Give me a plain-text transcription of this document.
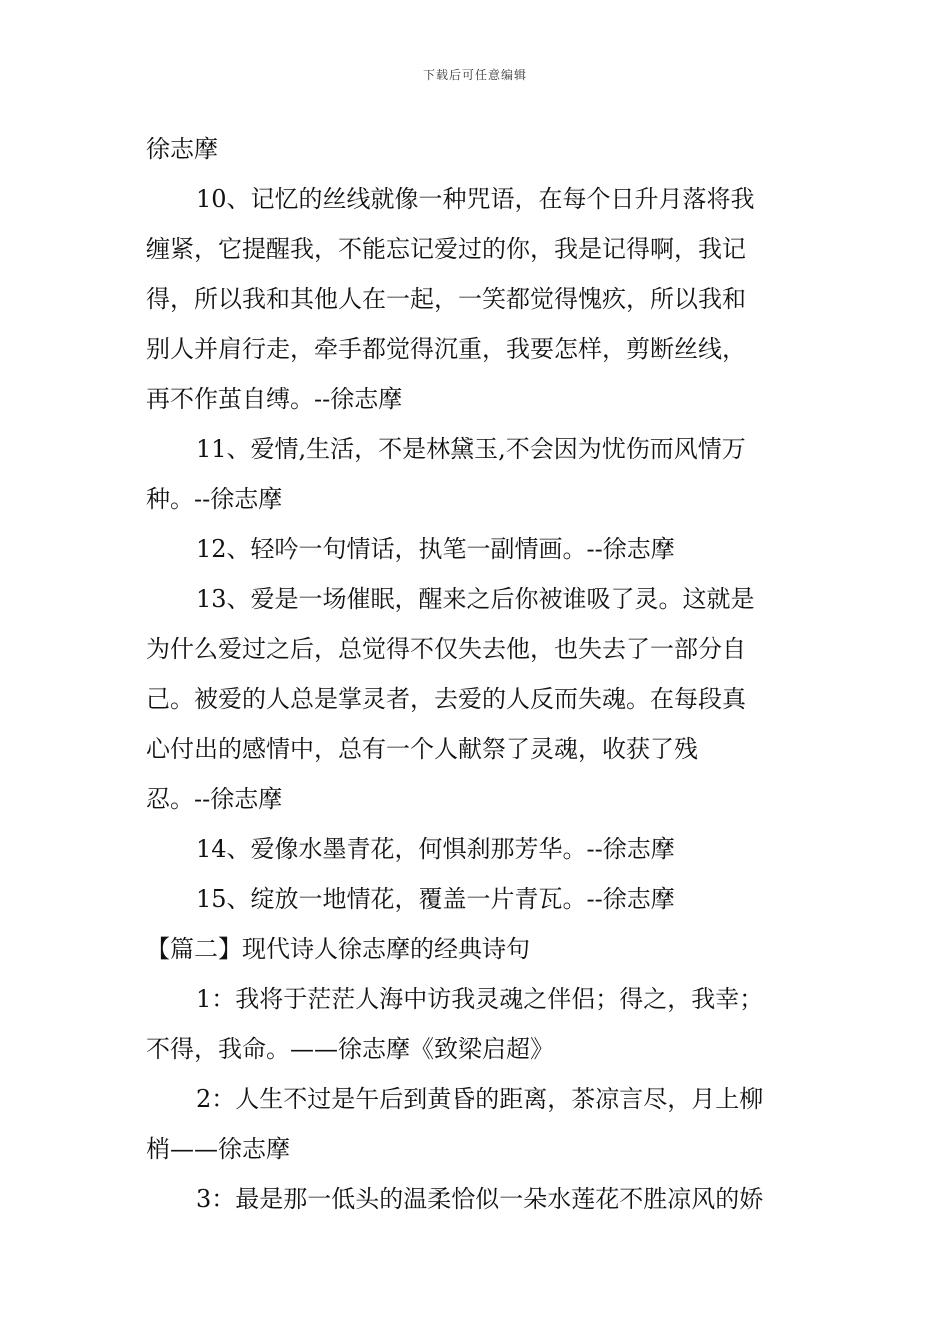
下载后可任意编辑
徐志摩
10、记忆的丝线就像一种咒语，在每个日升月落将我
缠紧，它提醒我，不能忘记爱过的你，我是记得啊，我记
得，所以我和其他人在一起，一笑都觉得愧疚，所以我和
别人并肩行走，牵手都觉得沉重，我要怎样，剪断丝线，
再不作茧自缚。--徐志摩
11、爱情,生活，不是林黛玉,不会因为忧伤而风情万
种。--徐志摩
12、轻吟一句情话，执笔一副情画。--徐志摩
13、爱是一场催眠，醒来之后你被谁吸了灵。这就是
为什么爱过之后，总觉得不仅失去他，也失去了一部分自
己。被爱的人总是掌灵者，去爱的人反而失魂。在每段真
心付出的感情中，总有一个人献祭了灵魂，收获了残
忍。--徐志摩
14、爱像水墨青花，何惧刹那芳华。--徐志摩
15、绽放一地情花，覆盖一片青瓦。--徐志摩
【篇二】现代诗人徐志摩的经典诗句
1：我将于茫茫人海中访我灵魂之伴侣；得之，我幸；
不得，我命。——徐志摩《致梁启超》
2：人生不过是午后到黄昏的距离，茶凉言尽，月上柳
梢——徐志摩
3：最是那一低头的温柔恰似一朵水莲花不胜凉风的娇
